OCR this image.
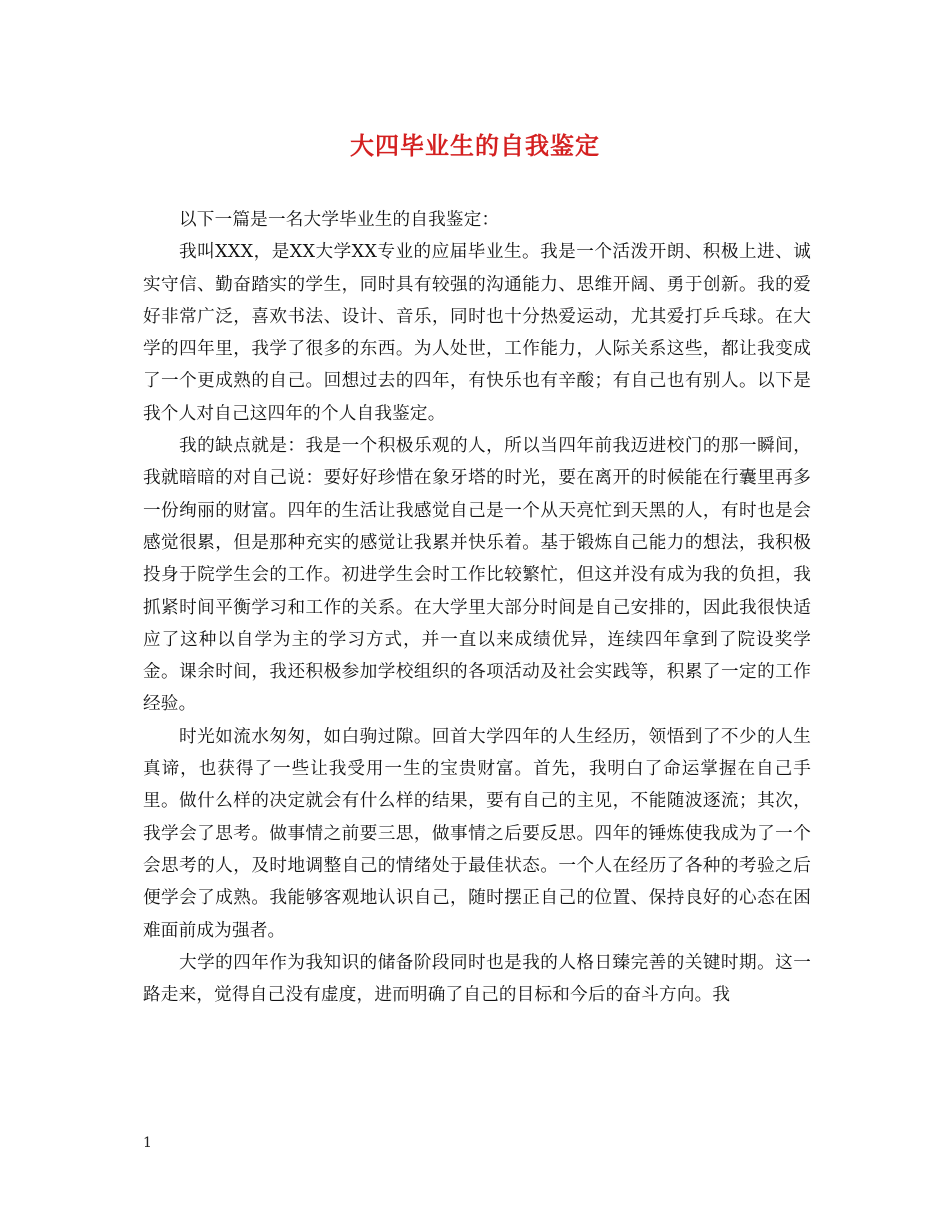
大四毕业生的自我鉴定

以下一篇是一名大学毕业生的自我鉴定：

我叫XXX，是XX大学XX专业的应届毕业生。我是一个活泼开朗、积极上进、诚实守信、勤奋踏实的学生，同时具有较强的沟通能力、思维开阔、勇于创新。我的爱好非常广泛，喜欢书法、设计、音乐，同时也十分热爱运动，尤其爱打乒乓球。在大学的四年里，我学了很多的东西。为人处世，工作能力，人际关系这些，都让我变成了一个更成熟的自己。回想过去的四年，有快乐也有辛酸；有自己也有别人。以下是我个人对自己这四年的个人自我鉴定。

我的缺点就是：我是一个积极乐观的人，所以当四年前我迈进校门的那一瞬间，我就暗暗的对自己说：要好好珍惜在象牙塔的时光，要在离开的时候能在行囊里再多一份绚丽的财富。四年的生活让我感觉自己是一个从天亮忙到天黑的人，有时也是会感觉很累，但是那种充实的感觉让我累并快乐着。基于锻炼自己能力的想法，我积极投身于院学生会的工作。初进学生会时工作比较繁忙，但这并没有成为我的负担，我抓紧时间平衡学习和工作的关系。在大学里大部分时间是自己安排的，因此我很快适应了这种以自学为主的学习方式，并一直以来成绩优异，连续四年拿到了院设奖学金。课余时间，我还积极参加学校组织的各项活动及社会实践等，积累了一定的工作经验。

时光如流水匆匆，如白驹过隙。回首大学四年的人生经历，领悟到了不少的人生真谛，也获得了一些让我受用一生的宝贵财富。首先，我明白了命运掌握在自己手里。做什么样的决定就会有什么样的结果，要有自己的主见，不能随波逐流；其次，我学会了思考。做事情之前要三思，做事情之后要反思。四年的锤炼使我成为了一个会思考的人，及时地调整自己的情绪处于最佳状态。一个人在经历了各种的考验之后便学会了成熟。我能够客观地认识自己，随时摆正自己的位置、保持良好的心态在困难面前成为强者。

大学的四年作为我知识的储备阶段同时也是我的人格日臻完善的关键时期。这一路走来，觉得自己没有虚度，进而明确了自己的目标和今后的奋斗方向。我

1
